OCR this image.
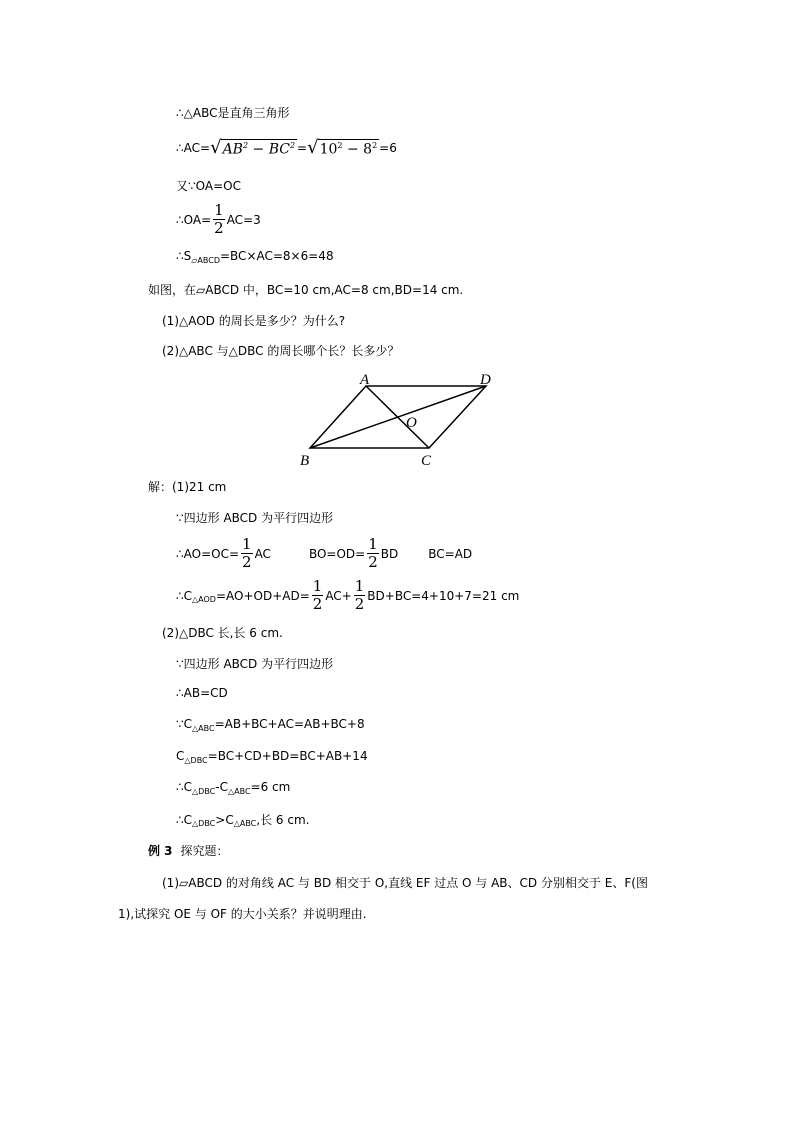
∴△ABC是直角三角形
∴AC= √ $AB^2 - BC^2$ = √ $10^2 - 8^2 =6$
又∵OA=OC
∴OA= $\frac{1}{2} AC=3$
∴S ▱ABCD =BC×AC=8×6=48
如图，在 ▱ ABCD 中，BC=10 cm,AC=8 cm,BD=14 cm.
(1)△AOD 的周长是多少？为什么?
(2)△ABC 与△DBC 的周长哪个长？长多少？
A	D
B	C
O
解：(1)21 cm
∵四边形 ABCD 为平行四边形
∴AO=OC= $\frac{1}{2}$ AC	$BO=OD= \frac{1}{2}$ BD	BC=AD
∴C △AOD $=AO+OD+AD= \frac{1}{2} AC+ \frac{1}{2} BD+BC=4+10+7=21$ cm
(2)△DBC 长,长 6 cm.
∵四边形 ABCD 为平行四边形
∴AB=CD
∵C △ABC =AB+BC+AC=AB+BC+8
C △DBC =BC+CD+BD=BC+AB+14
∴C △DBC -C △ABC =6 cm
∴C △DBC >C △ABC ,长 6 cm.
例 3 探究题：
(1) ▱ ABCD 的对角线 AC 与 BD 相交于 O,直线 EF 过点 O 与 AB、CD 分别相交于 E、F(图
1),试探究 OE 与 OF 的大小关系？并说明理由.
